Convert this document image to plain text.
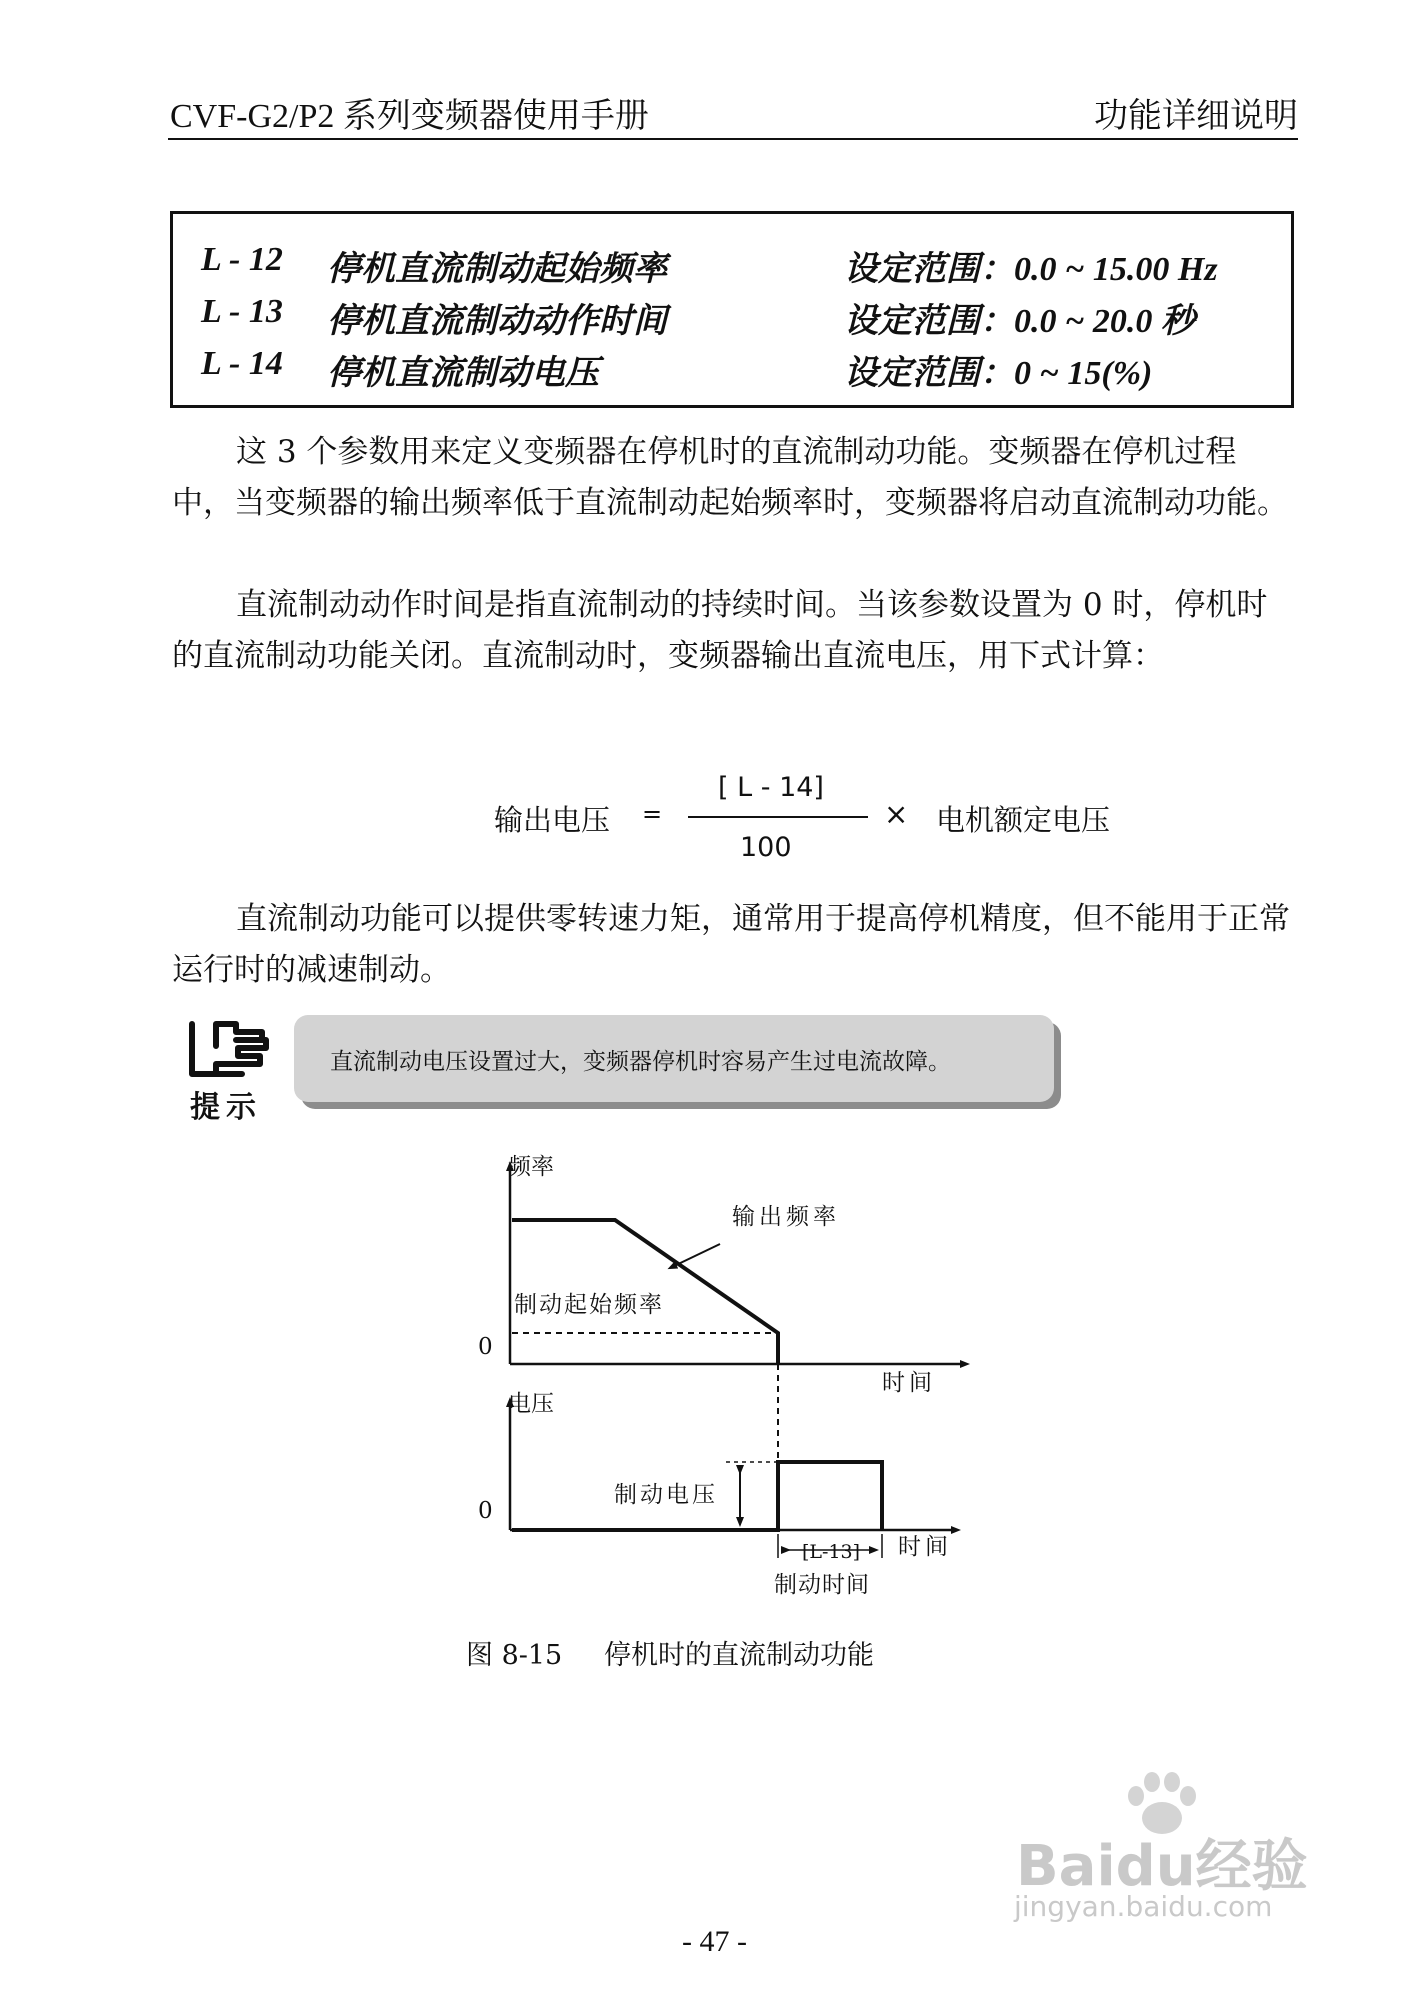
CVF-G2/P2 系列变频器使用手册	功能详细说明
L - 12 停机直流制动起始频率	设定范围：0.0 ~ 15.00 Hz
L - 13 停机直流制动动作时间	设定范围：0.0 ~ 20.0 秒
L - 14 停机直流制动电压	设定范围：0 ~ 15(%)

这 3 个参数用来定义变频器在停机时的直流制动功能。变频器在停机过程中，当变频器的输出频率低于直流制动起始频率时，变频器将启动直流制动功能。

直流制动动作时间是指直流制动的持续时间。当该参数设置为 0 时，停机时的直流制动功能关闭。直流制动时，变频器输出直流电压，用下式计算：

输出电压 =
[ L - 14]
100
× 电机额定电压

直流制动功能可以提供零转速力矩，通常用于提高停机精度，但不能用于正常运行时的减速制动。

提示
直流制动电压设置过大，变频器停机时容易产生过电流故障。
频率
输出频率
制动起始频率
0
时间
电压
制动电压
0
时间
[L-13]
制动时间
图 8-15 停机时的直流制动功能
Baidu经验
jingyan.baidu.com
- 47 -
